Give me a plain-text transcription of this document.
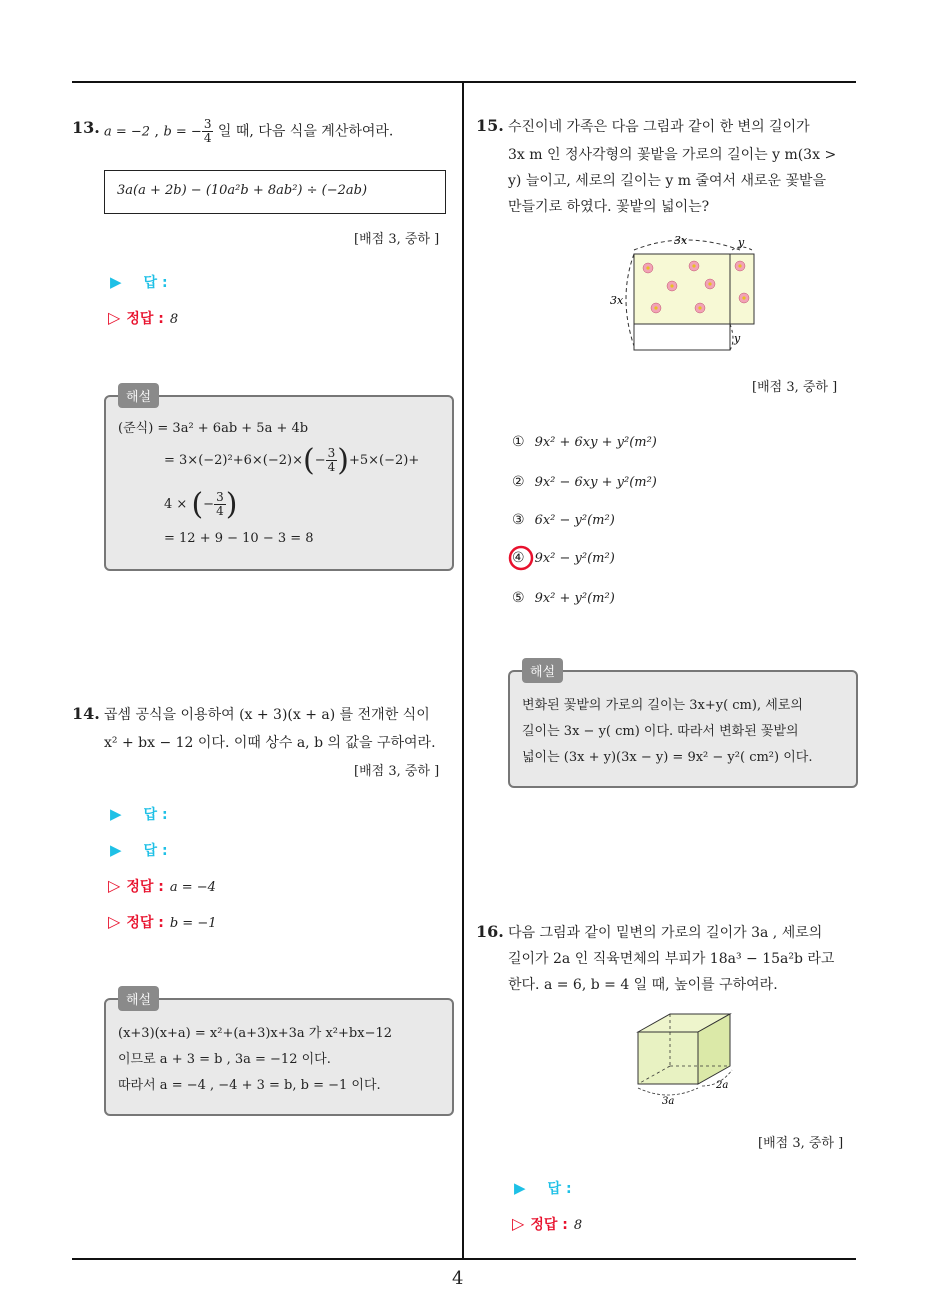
13. a = −2 , b = − $\frac{3}{4}$ 일 때, 다음 식을 계산하여라.
3a(a + 2b) − (10a²b + 8ab²) ÷ (−2ab)
[배점 3, 중하 ]
▶ 답 :
▷ 정답 : 8
(준식) = 3a² + 6ab + 5a + 4b
= $3\times(-2)^2+6\times(-2)\times(- \frac{3}{4} )+5\times(-2)+$
4 × (− $\frac{3}{4}$ )
= 12 + 9 − 10 − 3 = 8
해설
14. 곱셈 공식을 이용하여 (x + 3)(x + a) 를 전개한 식이
x² + bx − 12 이다. 이때 상수 a, b 의 값을 구하여라.
[배점 3, 중하 ]
▶ 답 :
▶ 답 :
▷ 정답 : a = −4
▷ 정답 : b = −1
(x+3)(x+a) = x²+(a+3)x+3a 가 x²+bx−12
이므로 a + 3 = b , 3a = −12 이다.
따라서 a = −4 , −4 + 3 = b, b = −1 이다.
해설
15. 수진이네 가족은 다음 그림과 같이 한 변의 길이가
3x m 인 정사각형의 꽃밭을 가로의 길이는 y m(3x >
y) 늘이고, 세로의 길이는 y m 줄여서 새로운 꽃밭을
만들기로 하였다. 꽃밭의 넓이는?
3x	y
3x
y
[배점 3, 중하 ]
① 9x² + 6xy + y²(m²)
② 9x² − 6xy + y²(m²)
③ 6x² − y²(m²)
④ 9x² − y²(m²)
⑤ 9x² + y²(m²)
변화된 꽃밭의 가로의 길이는 3x+y( cm), 세로의
길이는 3x − y( cm) 이다. 따라서 변화된 꽃밭의
넓이는 (3x + y)(3x − y) = 9x² − y²( cm²) 이다.
해설
16. 다음 그림과 같이 밑변의 가로의 길이가 3a , 세로의
길이가 2a 인 직육면체의 부피가 18a³ − 15a²b 라고
한다. a = 6, b = 4 일 때, 높이를 구하여라.
3a
2a
[배점 3, 중하 ]
▶ 답 :
▷ 정답 : 8
4
